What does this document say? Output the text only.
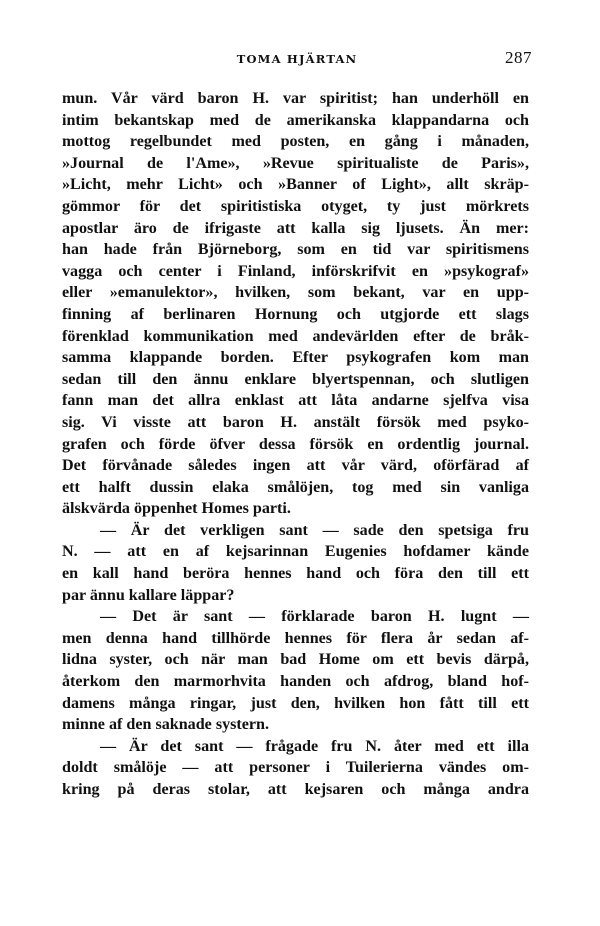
TOMA HJÄRTAN	287
mun. Vår värd baron H. var spiritist; han underhöll en
intim bekantskap med de amerikanska klappandarna och
mottog regelbundet med posten, en gång i månaden,
»Journal de l'Ame», »Revue spiritualiste de Paris»,
»Licht, mehr Licht» och »Banner of Light», allt skräp-
gömmor för det spiritistiska otyget, ty just mörkrets
apostlar äro de ifrigaste att kalla sig ljusets. Än mer:
han hade från Björneborg, som en tid var spiritismens
vagga och center i Finland, införskrifvit en »psykograf»
eller »emanulektor», hvilken, som bekant, var en upp-
finning af berlinaren Hornung och utgjorde ett slags
förenklad kommunikation med andevärlden efter de bråk-
samma klappande borden. Efter psykografen kom man
sedan till den ännu enklare blyertspennan, och slutligen
fann man det allra enklast att låta andarne sjelfva visa
sig. Vi visste att baron H. anstält försök med psyko-
grafen och förde öfver dessa försök en ordentlig journal.
Det förvånade således ingen att vår värd, oförfärad af
ett halft dussin elaka smålöjen, tog med sin vanliga
älskvärda öppenhet Homes parti.
— Är det verkligen sant — sade den spetsiga fru
N. — att en af kejsarinnan Eugenies hofdamer kände
en kall hand beröra hennes hand och föra den till ett
par ännu kallare läppar?
— Det är sant — förklarade baron H. lugnt —
men denna hand tillhörde hennes för flera år sedan af-
lidna syster, och när man bad Home om ett bevis därpå,
återkom den marmorhvita handen och afdrog, bland hof-
damens många ringar, just den, hvilken hon fått till ett
minne af den saknade systern.
— Är det sant — frågade fru N. åter med ett illa
doldt smålöje — att personer i Tuilerierna vändes om-
kring på deras stolar, att kejsaren och många andra
